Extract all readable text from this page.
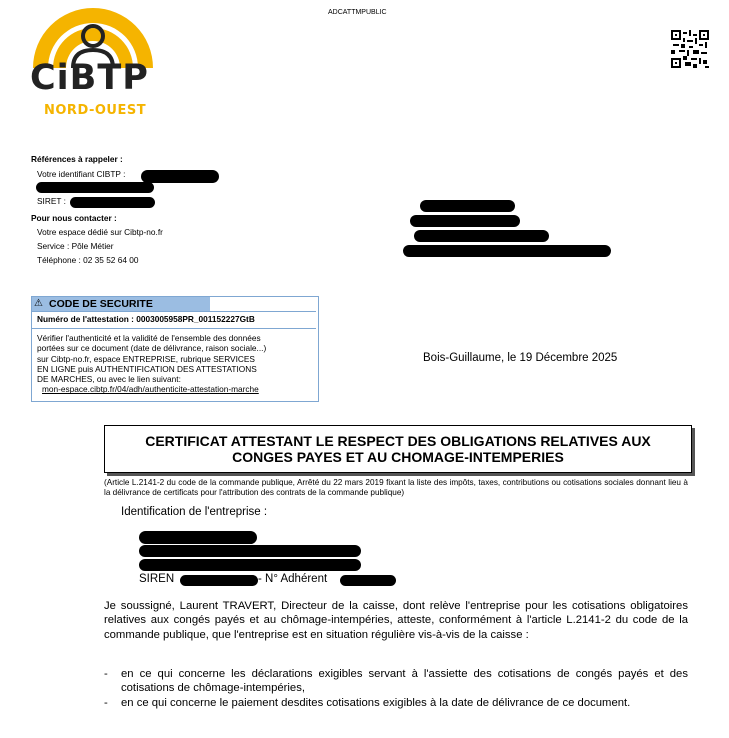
ADCATTMPUBLIC
CiBTP
NORD-OUEST
Références à rappeler :
Votre identifiant CIBTP :
SIRET :
Pour nous contacter :
Votre espace dédié sur Cibtp-no.fr
Service : Pôle Métier
Téléphone : 02 35 52 64 00
⚠ CODE DE SECURITE
Numéro de l'attestation : 0003005958PR_001152227GtB
Vérifier l'authenticité et la validité de l'ensemble des données
portées sur ce document (date de délivrance, raison sociale...)
sur Cibtp-no.fr, espace ENTREPRISE, rubrique SERVICES
EN LIGNE puis AUTHENTIFICATION DES ATTESTATIONS
DE MARCHES, ou avec le lien suivant:
mon-espace.cibtp.fr/04/adh/authenticite-attestation-marche
Bois-Guillaume, le 19 Décembre 2025
CERTIFICAT ATTESTANT LE RESPECT DES OBLIGATIONS RELATIVES AUX
CONGES PAYES ET AU CHOMAGE-INTEMPERIES
(Article L.2141-2 du code de la commande publique, Arrêté du 22 mars 2019 fixant la liste des impôts, taxes, contributions ou cotisations sociales donnant lieu à la délivrance de certificats pour l'attribution des contrats de la commande publique)
Identification de l'entreprise :
SIREN	- N° Adhérent
Je soussigné, Laurent TRAVERT, Directeur de la caisse, dont relève l'entreprise pour les cotisations obligatoires relatives aux congés payés et au chômage-intempéries, atteste, conformément à l'article L.2141-2 du code de la commande publique, que l'entreprise est en situation régulière vis-à-vis de la caisse :
-	en ce qui concerne les déclarations exigibles servant à l'assiette des cotisations de congés payés et des cotisations de chômage-intempéries,
-	en ce qui concerne le paiement desdites cotisations exigibles à la date de délivrance de ce document.
